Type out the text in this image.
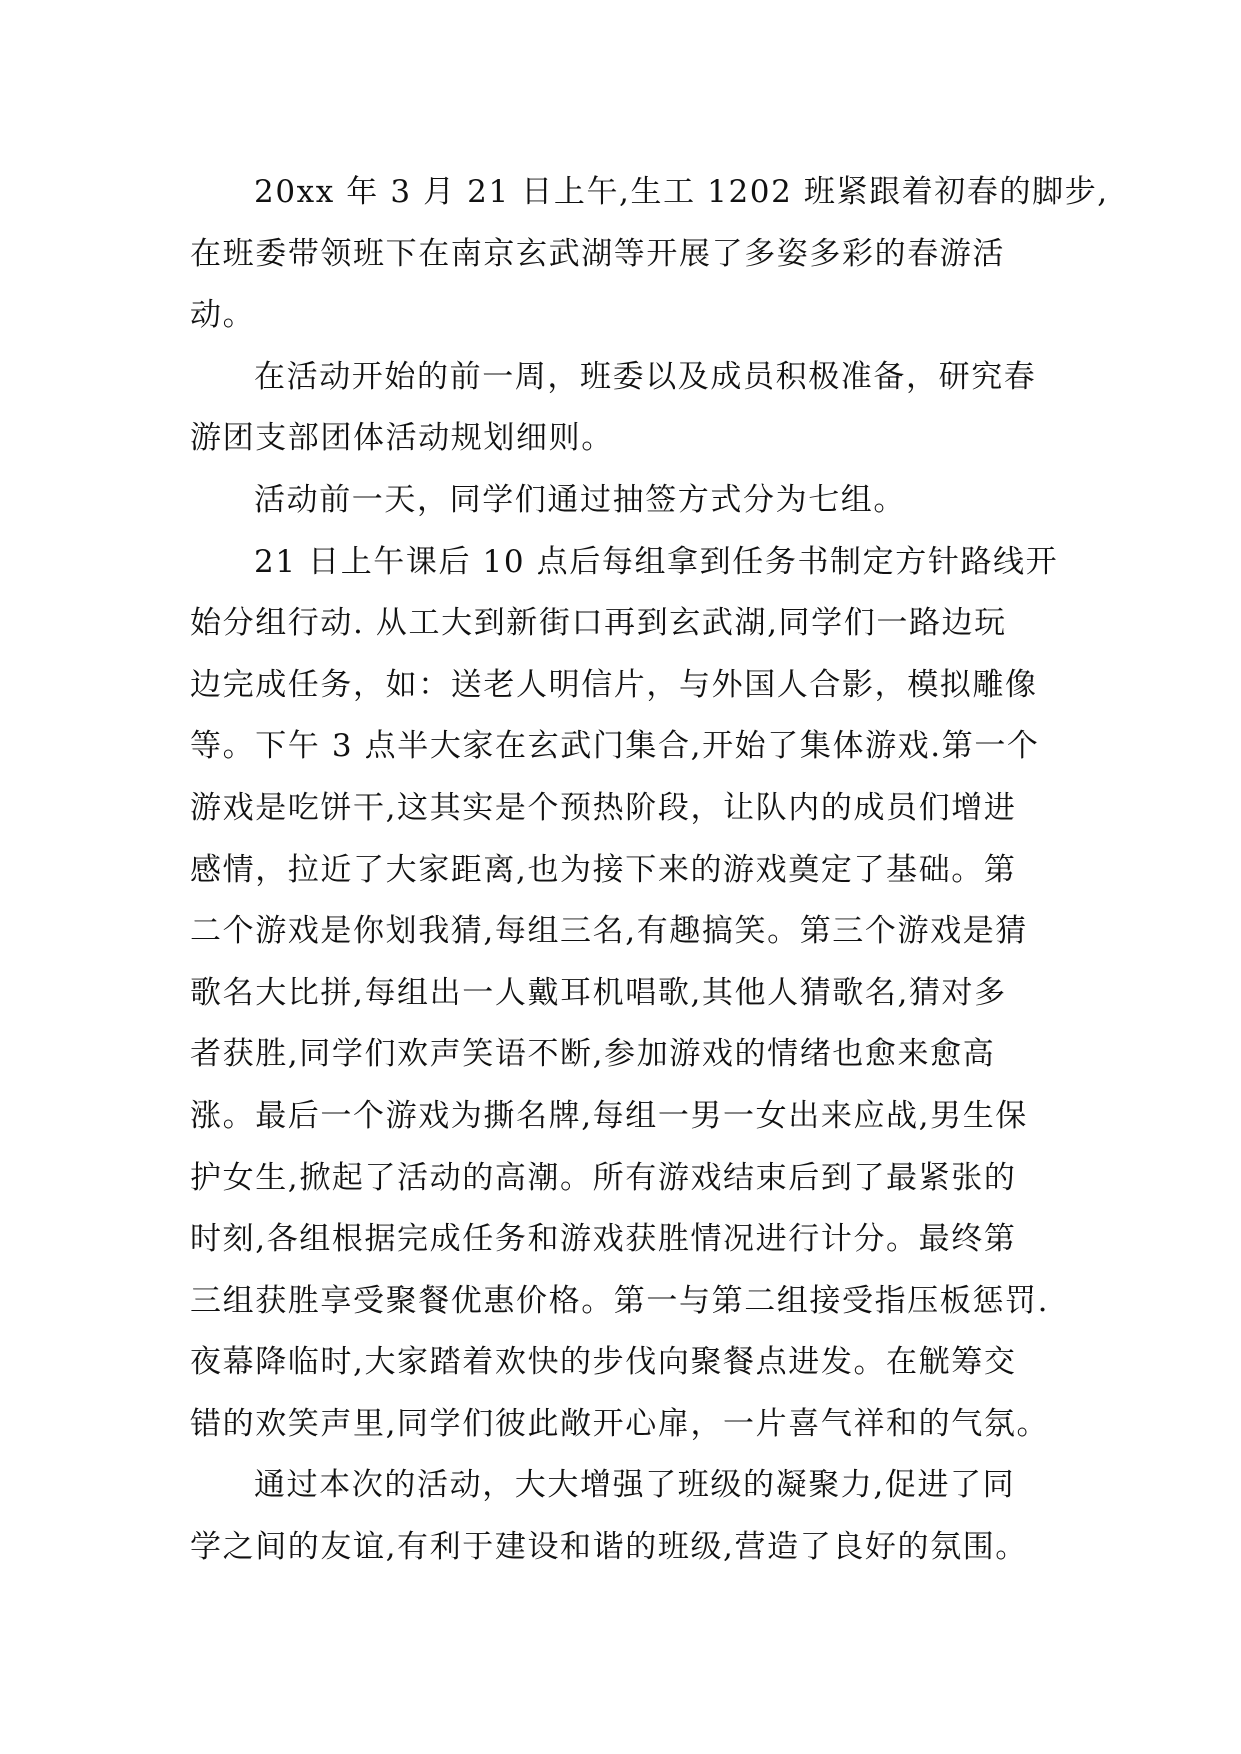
20xx 年 3 月 21 日上午,生工 1202 班紧跟着初春的脚步,
在班委带领班下在南京玄武湖等开展了多姿多彩的春游活
动。
在活动开始的前一周，班委以及成员积极准备，研究春
游团支部团体活动规划细则。
活动前一天，同学们通过抽签方式分为七组。
21 日上午课后 10 点后每组拿到任务书制定方针路线开
始分组行动. 从工大到新街口再到玄武湖,同学们一路边玩
边完成任务，如：送老人明信片，与外国人合影，模拟雕像
等。下午 3 点半大家在玄武门集合,开始了集体游戏.第一个
游戏是吃饼干,这其实是个预热阶段，让队内的成员们增进
感情，拉近了大家距离,也为接下来的游戏奠定了基础。第
二个游戏是你划我猜,每组三名,有趣搞笑。第三个游戏是猜
歌名大比拼,每组出一人戴耳机唱歌,其他人猜歌名,猜对多
者获胜,同学们欢声笑语不断,参加游戏的情绪也愈来愈高
涨。最后一个游戏为撕名牌,每组一男一女出来应战,男生保
护女生,掀起了活动的高潮。所有游戏结束后到了最紧张的
时刻,各组根据完成任务和游戏获胜情况进行计分。最终第
三组获胜享受聚餐优惠价格。第一与第二组接受指压板惩罚.
夜幕降临时,大家踏着欢快的步伐向聚餐点进发。在觥筹交
错的欢笑声里,同学们彼此敞开心扉，一片喜气祥和的气氛。
通过本次的活动，大大增强了班级的凝聚力,促进了同
学之间的友谊,有利于建设和谐的班级,营造了良好的氛围。
